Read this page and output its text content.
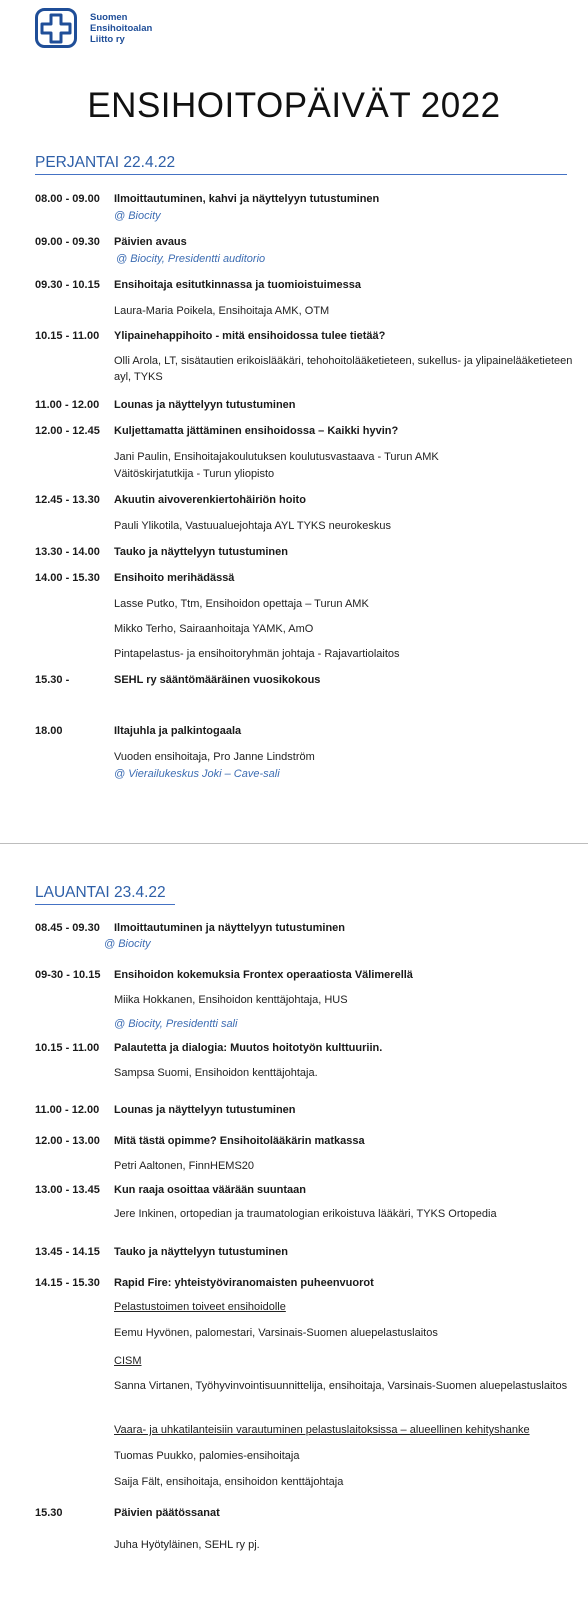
Suomen
Ensihoitoalan
Liitto ry
ENSIHOITOPÄIVÄT 2022
PERJANTAI 22.4.22
08.00 - 09.00 Ilmoittautuminen, kahvi ja näyttelyyn tutustuminen
@ Biocity
09.00 - 09.30 Päivien avaus
@ Biocity, Presidentti auditorio
09.30 - 10.15 Ensihoitaja esitutkinnassa ja tuomioistuimessa
Laura-Maria Poikela, Ensihoitaja AMK, OTM
10.15 - 11.00 Ylipainehappihoito - mitä ensihoidossa tulee tietää?
Olli Arola, LT, sisätautien erikoislääkäri, tehohoitolääketieteen, sukellus- ja ylipainelääketieteen ayl, TYKS
11.00 - 12.00 Lounas ja näyttelyyn tutustuminen
12.00 - 12.45 Kuljettamatta jättäminen ensihoidossa – Kaikki hyvin?
Jani Paulin, Ensihoitajakoulutuksen koulutusvastaava - Turun AMK
Väitöskirjatutkija - Turun yliopisto
12.45 - 13.30 Akuutin aivoverenkiertohäiriön hoito
Pauli Ylikotila, Vastuualuejohtaja AYL TYKS neurokeskus
13.30 - 14.00 Tauko ja näyttelyyn tutustuminen
14.00 - 15.30 Ensihoito merihädässä
Lasse Putko, Ttm, Ensihoidon opettaja – Turun AMK
Mikko Terho, Sairaanhoitaja YAMK, AmO
Pintapelastus- ja ensihoitoryhmän johtaja - Rajavartiolaitos
15.30 -	SEHL ry sääntömääräinen vuosikokous
18.00	Iltajuhla ja palkintogaala
Vuoden ensihoitaja, Pro Janne Lindström
@ Vierailukeskus Joki – Cave-sali
LAUANTAI 23.4.22
08.45 - 09.30 Ilmoittautuminen ja näyttelyyn tutustuminen
@ Biocity
09-30 - 10.15 Ensihoidon kokemuksia Frontex operaatiosta Välimerellä
Miika Hokkanen, Ensihoidon kenttäjohtaja, HUS
@ Biocity, Presidentti sali
10.15 - 11.00 Palautetta ja dialogia: Muutos hoitotyön kulttuuriin.
Sampsa Suomi, Ensihoidon kenttäjohtaja.
11.00 - 12.00 Lounas ja näyttelyyn tutustuminen
12.00 - 13.00 Mitä tästä opimme? Ensihoitolääkärin matkassa
Petri Aaltonen, FinnHEMS20
13.00 - 13.45 Kun raaja osoittaa väärään suuntaan
Jere Inkinen, ortopedian ja traumatologian erikoistuva lääkäri, TYKS Ortopedia
13.45 - 14.15 Tauko ja näyttelyyn tutustuminen
14.15 - 15.30 Rapid Fire: yhteistyöviranomaisten puheenvuorot
Pelastustoimen toiveet ensihoidolle
Eemu Hyvönen, palomestari, Varsinais-Suomen aluepelastuslaitos
CISM
Sanna Virtanen, Työhyvinvointisuunnittelija, ensihoitaja, Varsinais-Suomen aluepelastuslaitos
Vaara- ja uhkatilanteisiin varautuminen pelastuslaitoksissa – alueellinen kehityshanke
Tuomas Puukko, palomies-ensihoitaja
Saija Fält, ensihoitaja, ensihoidon kenttäjohtaja
15.30	Päivien päätössanat
Juha Hyötyläinen, SEHL ry pj.
